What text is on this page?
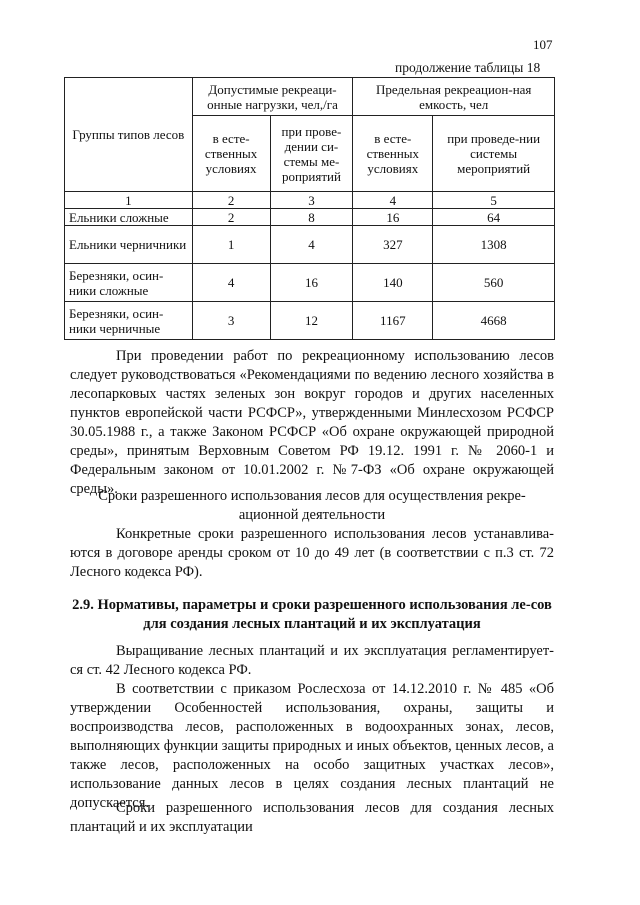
107
продолжение таблицы 18
Группы типов лесов	Допустимые рекреаци-онные нагрузки, чел,/га		Предельная рекреацион-ная емкость, чел	
	в есте-ственных условиях	при прове-дении си-стемы ме-роприятий	в есте-ственных условиях	при проведе-нии системы мероприятий
1	2	3	4	5
Ельники сложные	2	8	16	64
Ельники черничники	1	4	327	1308
Березняки, осин-ники сложные	4	16	140	560
Березняки, осин-ники черничные	3	12	1167	4668
При проведении работ по рекреационному использованию лесов следует руководствоваться «Рекомендациями по ведению лесного хозяйства в лесопарковых частях зеленых зон вокруг городов и других населенных пунктов европейской части РСФСР», утвержденными Минлесхозом РСФСР 30.05.1988 г., а также Законом РСФСР «Об охране окружающей природной среды», принятым Верховным Советом РФ 19.12. 1991 г. № 2060-1 и Федеральным законом от 10.01.2002 г. №7-ФЗ «Об охране окружающей среды».
Сроки разрешенного использования лесов для осуществления рекре-ационной деятельности
Конкретные сроки разрешенного использования лесов устанавлива-ются в договоре аренды сроком от 10 до 49 лет (в соответствии с п.3 ст. 72 Лесного кодекса РФ).
2.9. Нормативы, параметры и сроки разрешенного использования ле-сов для создания лесных плантаций и их эксплуатация
Выращивание лесных плантаций и их эксплуатация регламентирует-ся ст. 42 Лесного кодекса РФ.
В соответствии с приказом Рослесхоза от 14.12.2010 г. № 485 «Об утверждении Особенностей использования, охраны, защиты и воспроизводства лесов, расположенных в водоохранных зонах, лесов, выполняющих функции защиты природных и иных объектов, ценных лесов, а также лесов, расположенных на особо защитных участках лесов», использование данных лесов в целях создания лесных плантаций не допускается.
Сроки разрешенного использования лесов для создания лесных плантаций и их эксплуатации
